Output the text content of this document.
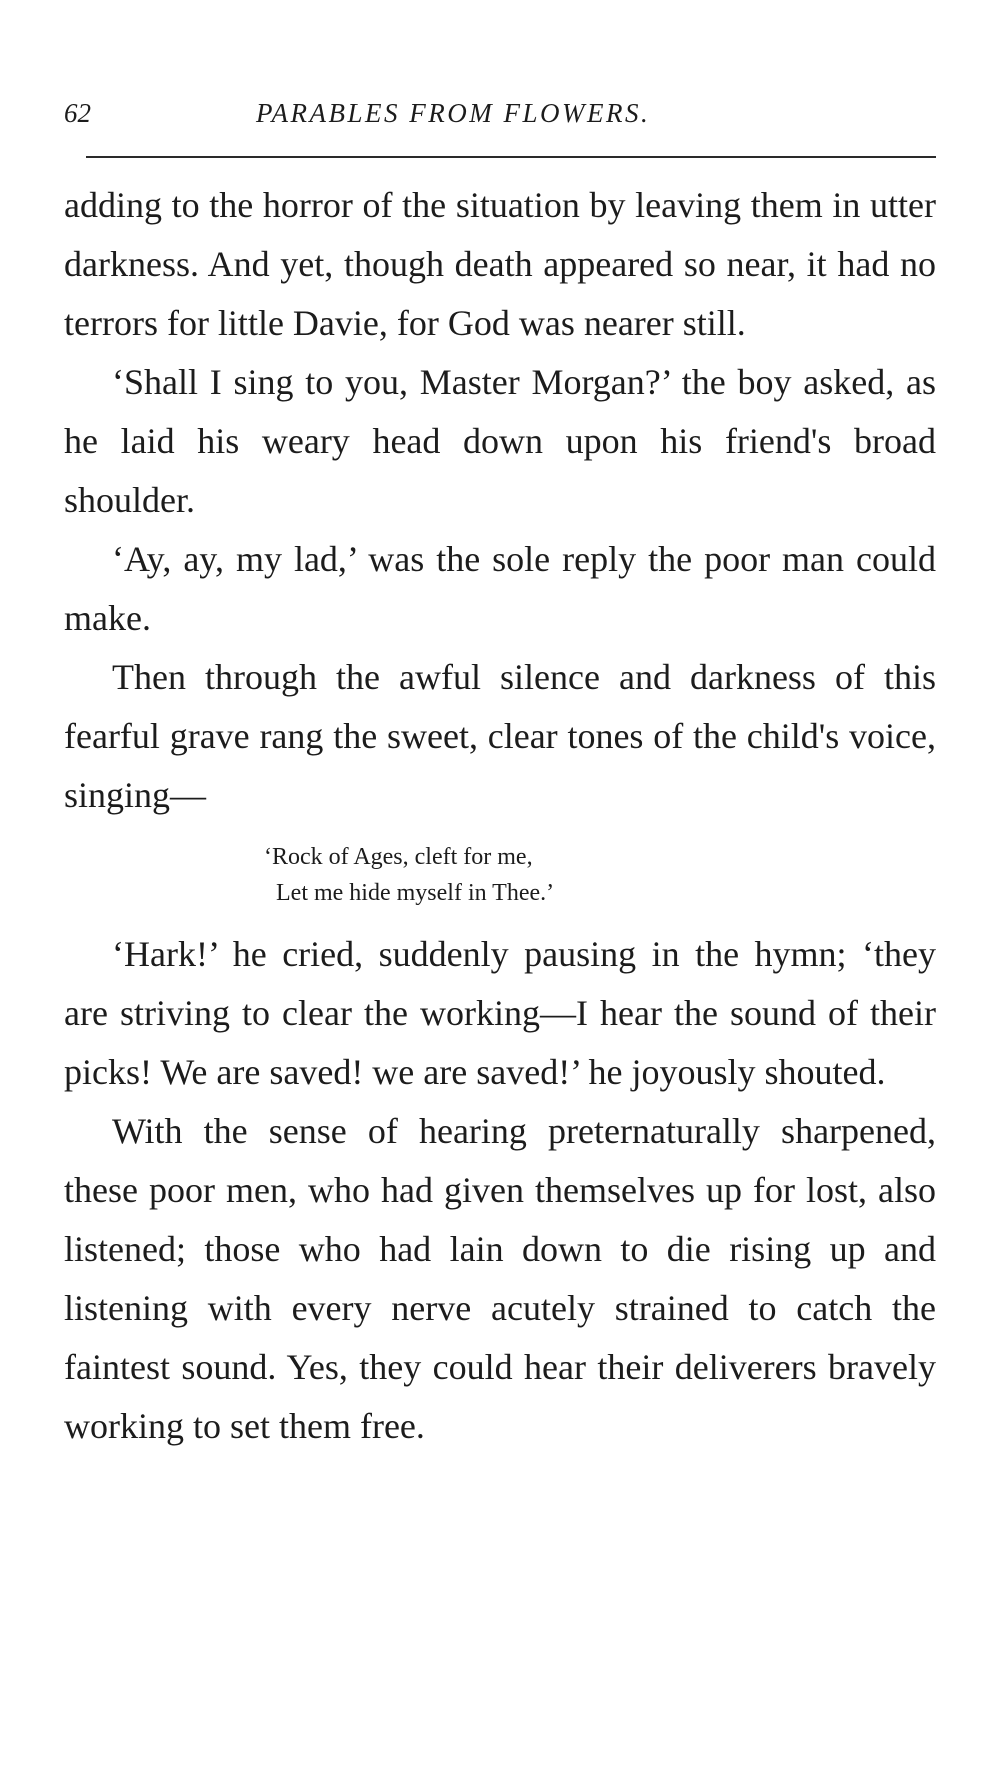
62	PARABLES FROM FLOWERS.

adding to the horror of the situation by leaving them in utter darkness. And yet, though death appeared so near, it had no terrors for little Davie, for God was nearer still.

‘Shall I sing to you, Master Morgan?’ the boy asked, as he laid his weary head down upon his friend's broad shoulder.

‘Ay, ay, my lad,’ was the sole reply the poor man could make.

Then through the awful silence and darkness of this fearful grave rang the sweet, clear tones of the child's voice, singing—

‘Rock of Ages, cleft for me,
Let me hide myself in Thee.’

‘Hark!’ he cried, suddenly pausing in the hymn; ‘they are striving to clear the working—I hear the sound of their picks! We are saved! we are saved!’ he joyously shouted.

With the sense of hearing preternaturally sharpened, these poor men, who had given themselves up for lost, also listened; those who had lain down to die rising up and listening with every nerve acutely strained to catch the faintest sound. Yes, they could hear their deliverers bravely working to set them free.
